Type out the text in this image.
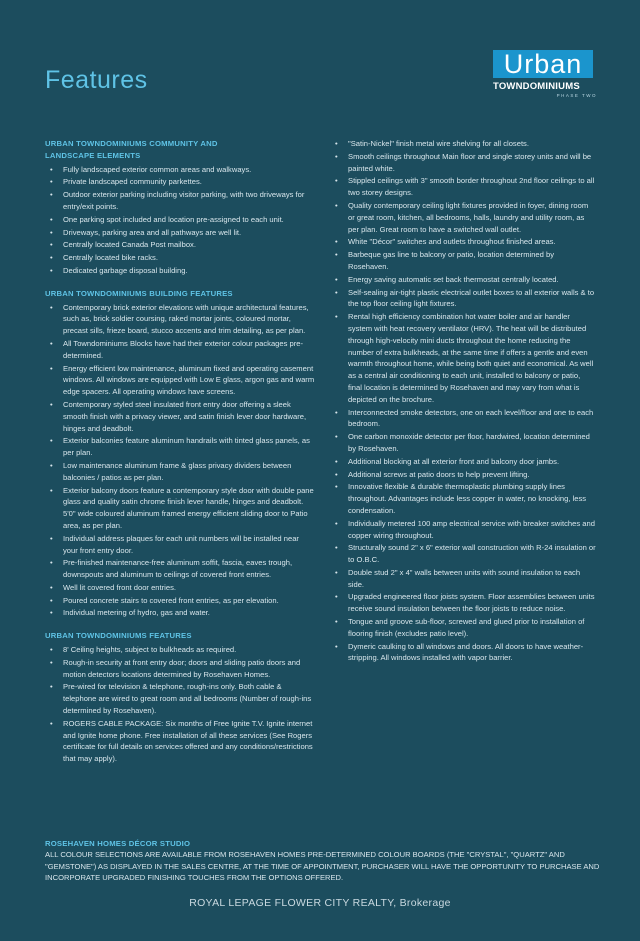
Features
Urban
TOWNDOMINIUMS
PHASE TWO
URBAN TOWNDOMINIUMS COMMUNITY AND
LANDSCAPE ELEMENTS
• Fully landscaped exterior common areas and walkways.
• Private landscaped community parkettes.
• Outdoor exterior parking including visitor parking, with two driveways for entry/exit points.
• One parking spot included and location pre-assigned to each unit.
• Driveways, parking area and all pathways are well lit.
• Centrally located Canada Post mailbox.
• Centrally located bike racks.
• Dedicated garbage disposal building.
URBAN TOWNDOMINIUMS BUILDING FEATURES
• Contemporary brick exterior elevations with unique architectural features, such as, brick soldier coursing, raked mortar joints, coloured mortar, precast sills, frieze board, stucco accents and trim detailing, as per plan.
• All Towndominiums Blocks have had their exterior colour packages pre-determined.
• Energy efficient low maintenance, aluminum fixed and operating casement windows. All windows are equipped with Low E glass, argon gas and warm edge spacers. All operating windows have screens.
• Contemporary styled steel insulated front entry door offering a sleek smooth finish with a privacy viewer, and satin finish lever door hardware, hinges and deadbolt.
• Exterior balconies feature aluminum handrails with tinted glass panels, as per plan.
• Low maintenance aluminum frame & glass privacy dividers between balconies / patios as per plan.
• Exterior balcony doors feature a contemporary style door with double pane glass and quality satin chrome finish lever handle, hinges and deadbolt. 5'0" wide coloured aluminum framed energy efficient sliding door to Patio area, as per plan.
• Individual address plaques for each unit numbers will be installed near your front entry door.
• Pre-finished maintenance-free aluminum soffit, fascia, eaves trough, downspouts and aluminum to ceilings of covered front entries.
• Well lit covered front door entries.
• Poured concrete stairs to covered front entries, as per elevation.
• Individual metering of hydro, gas and water.
URBAN TOWNDOMINIUMS FEATURES
• 8' Ceiling heights, subject to bulkheads as required.
• Rough-in security at front entry door; doors and sliding patio doors and motion detectors locations determined by Rosehaven Homes.
• Pre-wired for television & telephone, rough-ins only. Both cable & telephone are wired to great room and all bedrooms (Number of rough-ins determined by Rosehaven).
• ROGERS CABLE PACKAGE: Six months of Free Ignite T.V. Ignite internet and Ignite home phone. Free installation of all these services (See Rogers certificate for full details on services offered and any conditions/restrictions that may apply).
• "Satin-Nickel" finish metal wire shelving for all closets.
• Smooth ceilings throughout Main floor and single storey units and will be painted white.
• Stippled ceilings with 3" smooth border throughout 2nd floor ceilings to all two storey designs.
• Quality contemporary ceiling light fixtures provided in foyer, dining room or great room, kitchen, all bedrooms, halls, laundry and utility room, as per plan. Great room to have a switched wall outlet.
• White "Décor" switches and outlets throughout finished areas.
• Barbeque gas line to balcony or patio, location determined by Rosehaven.
• Energy saving automatic set back thermostat centrally located.
• Self-sealing air-tight plastic electrical outlet boxes to all exterior walls & to the top floor ceiling light fixtures.
• Rental high efficiency combination hot water boiler and air handler system with heat recovery ventilator (HRV). The heat will be distributed through high-velocity mini ducts throughout the home reducing the number of extra bulkheads, at the same time if offers a gentle and even warmth throughout home, while being both quiet and economical. As well as a central air conditioning to each unit, installed to balcony or patio, final location is determined by Rosehaven and may vary from what is depicted on the brochure.
• Interconnected smoke detectors, one on each level/floor and one to each bedroom.
• One carbon monoxide detector per floor, hardwired, location determined by Rosehaven.
• Additional blocking at all exterior front and balcony door jambs.
• Additional screws at patio doors to help prevent lifting.
• Innovative flexible & durable thermoplastic plumbing supply lines throughout. Advantages include less copper in water, no knocking, less condensation.
• Individually metered 100 amp electrical service with breaker switches and copper wiring throughout.
• Structurally sound 2" x 6" exterior wall construction with R-24 insulation or to O.B.C.
• Double stud 2" x 4" walls between units with sound insulation to each side.
• Upgraded engineered floor joists system. Floor assemblies between units receive sound insulation between the floor joists to reduce noise.
• Tongue and groove sub-floor, screwed and glued prior to installation of flooring finish (excludes patio level).
• Dymeric caulking to all windows and doors. All doors to have weather-stripping. All windows installed with vapor barrier.
ROSEHAVEN HOMES DÉCOR STUDIO
ALL COLOUR SELECTIONS ARE AVAILABLE FROM ROSEHAVEN HOMES PRE-DETERMINED COLOUR BOARDS (THE "CRYSTAL", "QUARTZ" AND "GEMSTONE") AS DISPLAYED IN THE SALES CENTRE, AT THE TIME OF APPOINTMENT, PURCHASER WILL HAVE THE OPPORTUNITY TO PURCHASE AND INCORPORATE UPGRADED FINISHING TOUCHES FROM THE OPTIONS OFFERED.
ROYAL LEPAGE FLOWER CITY REALTY, Brokerage
